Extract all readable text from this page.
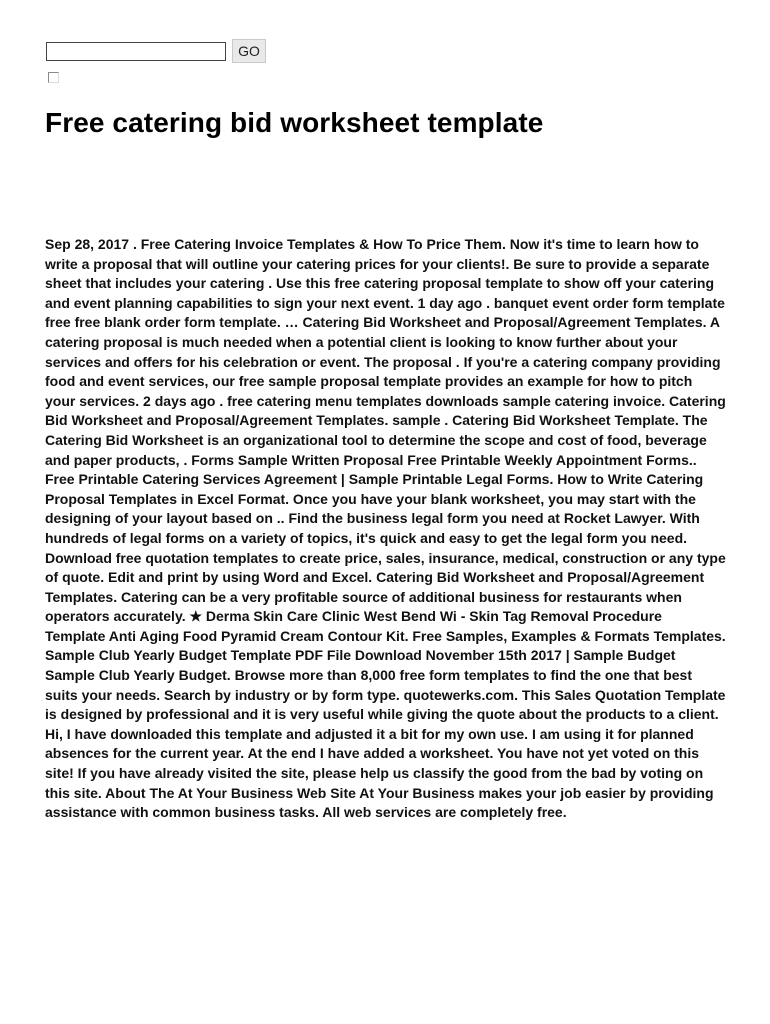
GO
Free catering bid worksheet template

Sep 28, 2017 . Free Catering Invoice Templates & How To Price Them. Now it's time to learn how to write a proposal that will outline your catering prices for your clients!. Be sure to provide a separate sheet that includes your catering . Use this free catering proposal template to show off your catering and event planning capabilities to sign your next event. 1 day ago . banquet event order form template free free blank order form template. … Catering Bid Worksheet and Proposal/Agreement Templates. A catering proposal is much needed when a potential client is looking to know further about your services and offers for his celebration or event. The proposal . If you're a catering company providing food and event services, our free sample proposal template provides an example for how to pitch your services. 2 days ago . free catering menu templates downloads sample catering invoice. Catering Bid Worksheet and Proposal/Agreement Templates. sample . Catering Bid Worksheet Template. The Catering Bid Worksheet is an organizational tool to determine the scope and cost of food, beverage and paper products, . Forms Sample Written Proposal Free Printable Weekly Appointment Forms.. Free Printable Catering Services Agreement | Sample Printable Legal Forms. How to Write Catering Proposal Templates in Excel Format. Once you have your blank worksheet, you may start with the designing of your layout based on .. Find the business legal form you need at Rocket Lawyer. With hundreds of legal forms on a variety of topics, it's quick and easy to get the legal form you need. Download free quotation templates to create price, sales, insurance, medical, construction or any type of quote. Edit and print by using Word and Excel. Catering Bid Worksheet and Proposal/Agreement Templates. Catering can be a very profitable source of additional business for restaurants when operators accurately. ★ Derma Skin Care Clinic West Bend Wi - Skin Tag Removal Procedure Template Anti Aging Food Pyramid Cream Contour Kit. Free Samples, Examples & Formats Templates. Sample Club Yearly Budget Template PDF File Download November 15th 2017 | Sample Budget Sample Club Yearly Budget. Browse more than 8,000 free form templates to find the one that best suits your needs. Search by industry or by form type. quotewerks.com. This Sales Quotation Template is designed by professional and it is very useful while giving the quote about the products to a client. Hi, I have downloaded this template and adjusted it a bit for my own use. I am using it for planned absences for the current year. At the end I have added a worksheet. You have not yet voted on this site! If you have already visited the site, please help us classify the good from the bad by voting on this site. About The At Your Business Web Site At Your Business makes your job easier by providing assistance with common business tasks. All web services are completely free.
